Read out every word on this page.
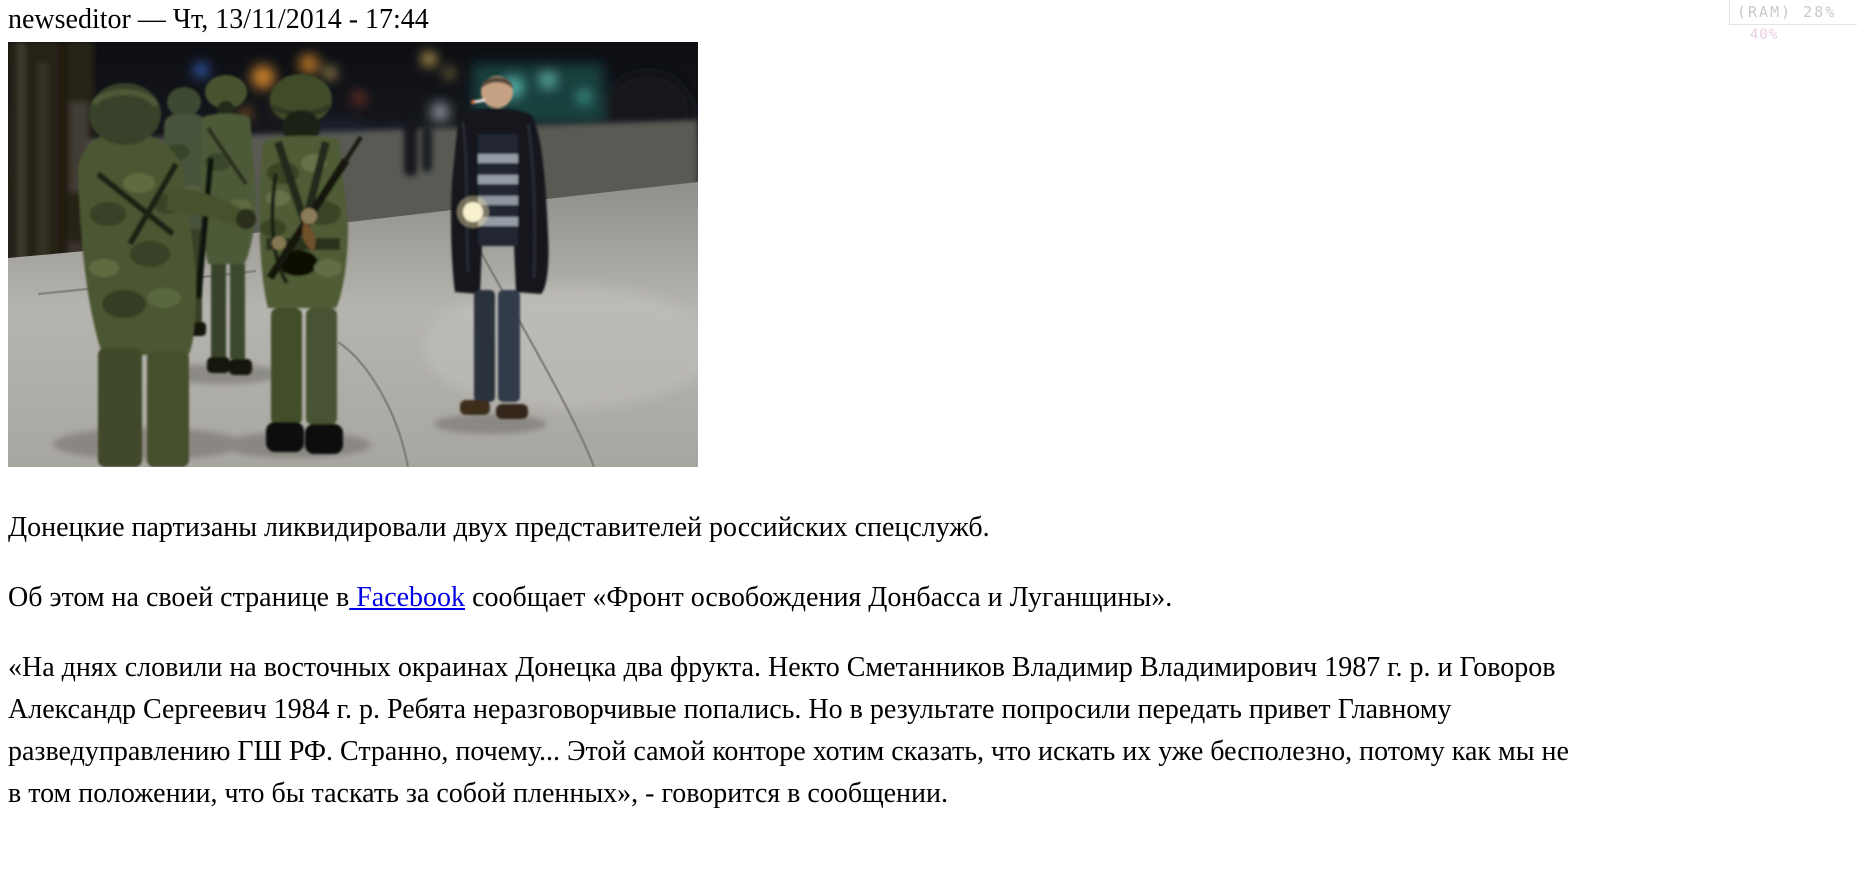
(RAM) 28%
40%
newseditor — Чт, 13/11/2014 - 17:44

Донецкие партизаны ликвидировали двух представителей российских спецслужб.

Об этом на своей странице в Facebook сообщает «Фронт освобождения Донбасса и Луганщины».

«На днях словили на восточных окраинах Донецка два фрукта. Некто Сметанников Владимир Владимирович 1987 г. р. и Говоров Александр Сергеевич 1984 г. р. Ребята неразговорчивые попались. Но в результате попросили передать привет Главному разведуправлению ГШ РФ. Странно, почему... Этой самой конторе хотим сказать, что искать их уже бесполезно, потому как мы не в том положении, что бы таскать за собой пленных», - говорится в сообщении.
